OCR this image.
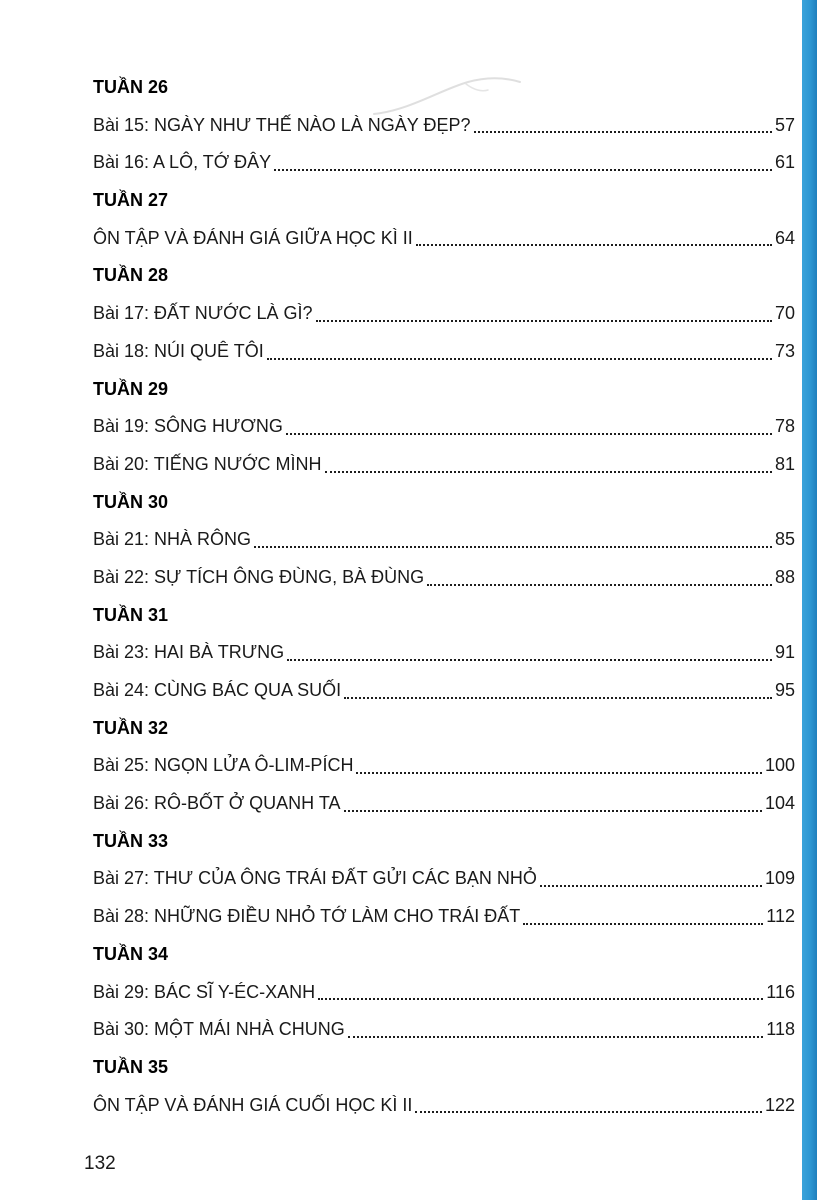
TUẦN 26
Bài 15: NGÀY NHƯ THẾ NÀO LÀ NGÀY ĐẸP?	57
Bài 16: A LÔ, TỚ ĐÂY	61
TUẦN 27
ÔN TẬP VÀ ĐÁNH GIÁ GIỮA HỌC KÌ II	64
TUẦN 28
Bài 17: ĐẤT NƯỚC LÀ GÌ?	70
Bài 18: NÚI QUÊ TÔI	73
TUẦN 29
Bài 19: SÔNG HƯƠNG	78
Bài 20: TIẾNG NƯỚC MÌNH	81
TUẦN 30
Bài 21: NHÀ RÔNG	85
Bài 22: SỰ TÍCH ÔNG ĐÙNG, BÀ ĐÙNG	88
TUẦN 31
Bài 23: HAI BÀ TRƯNG	91
Bài 24: CÙNG BÁC QUA SUỐI	95
TUẦN 32
Bài 25: NGỌN LỬA Ô-LIM-PÍCH	100
Bài 26: RÔ-BỐT Ở QUANH TA	104
TUẦN 33
Bài 27: THƯ CỦA ÔNG TRÁI ĐẤT GỬI CÁC BẠN NHỎ	109
Bài 28: NHỮNG ĐIỀU NHỎ TỚ LÀM CHO TRÁI ĐẤT	112
TUẦN 34
Bài 29: BÁC SĨ Y-ÉC-XANH	116
Bài 30: MỘT MÁI NHÀ CHUNG	118
TUẦN 35
ÔN TẬP VÀ ĐÁNH GIÁ CUỐI HỌC KÌ II	122
132
